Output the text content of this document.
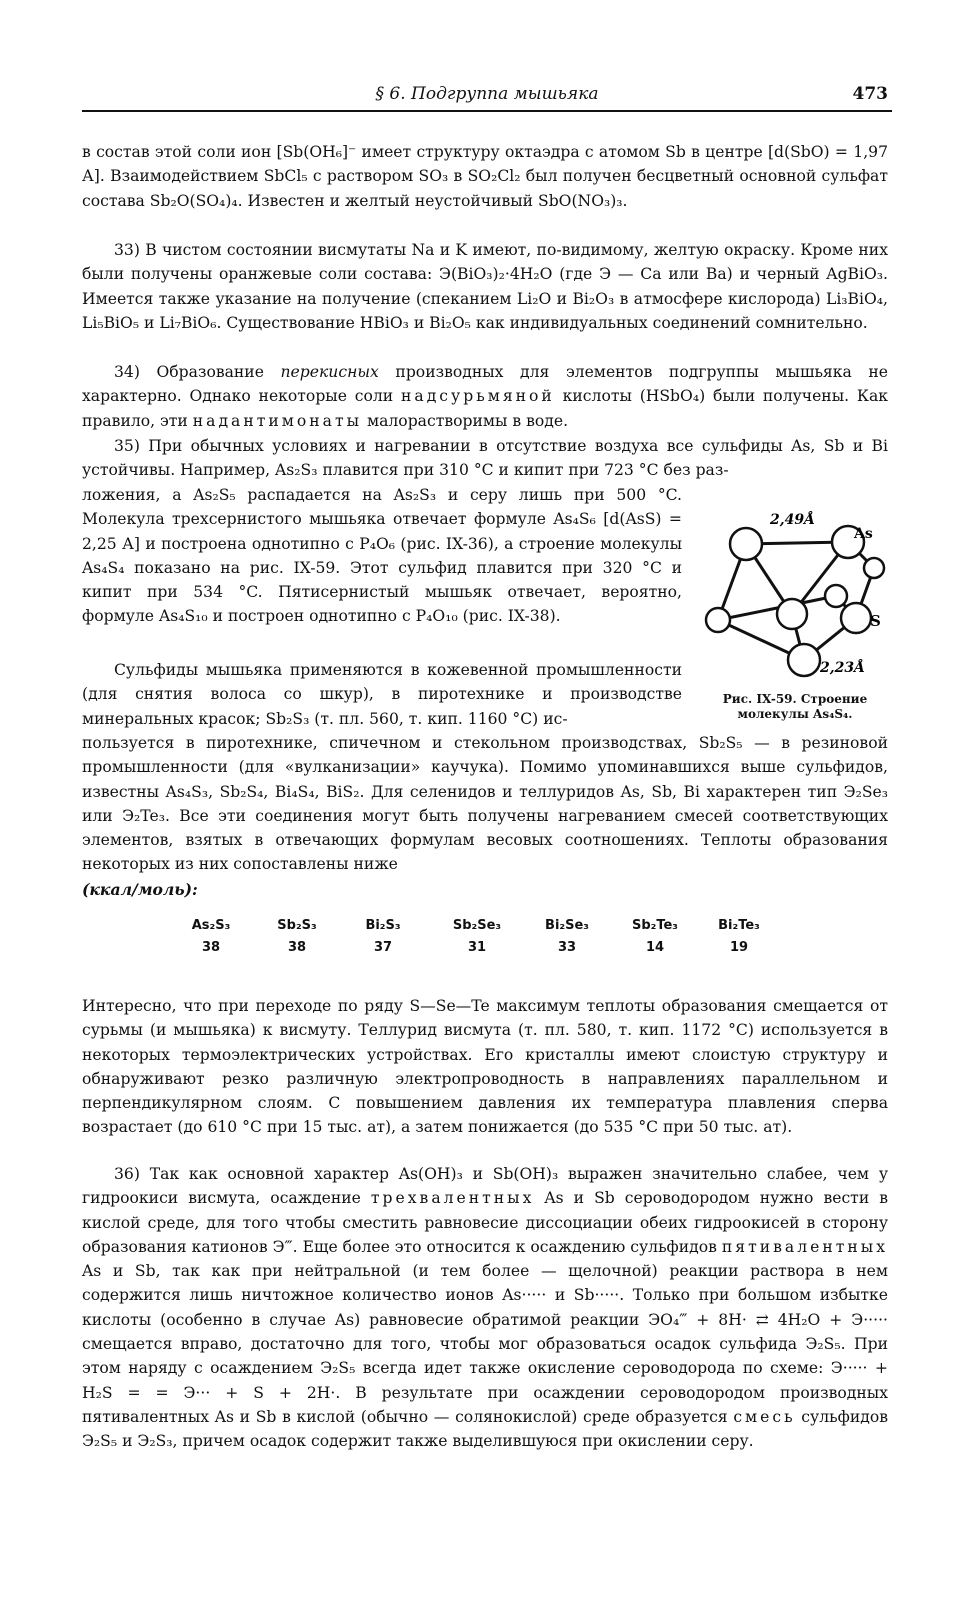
§ 6. Подгруппа мышьяка	473

в состав этой соли ион [Sb(OH₆]⁻ имеет структуру октаэдра с атомом Sb в центре [d(SbO) = 1,97 А]. Взаимодействием SbCl₅ с раствором SO₃ в SO₂Cl₂ был получен бесцветный основной сульфат состава Sb₂O(SO₄)₄. Известен и желтый неустойчивый SbO(NO₃)₃.

33) В чистом состоянии висмутаты Na и K имеют, по-видимому, желтую окраску. Кроме них были получены оранжевые соли состава: Э(BiO₃)₂·4H₂O (где Э — Ca или Ba) и черный AgBiO₃. Имеется также указание на получение (спеканием Li₂O и Bi₂O₃ в атмосфере кислорода) Li₃BiO₄, Li₅BiO₅ и Li₇BiO₆. Существование HBiO₃ и Bi₂O₅ как индивидуальных соединений сомнительно.

34) Образование перекисных производных для элементов подгруппы мышьяка не характерно. Однако некоторые соли надсурьмяной кислоты (HSbO₄) были получены. Как правило, эти надантимонаты малорастворимы в воде.

35) При обычных условиях и нагревании в отсутствие воздуха все сульфиды As, Sb и Bi устойчивы. Например, As₂S₃ плавится при 310 °C и кипит при 723 °C без раз-

ложения, а As₂S₅ распадается на As₂S₃ и серу лишь при 500 °C. Молекула трехсернистого мышьяка отвечает формуле As₄S₆ [d(AsS) = 2,25 А] и построена однотипно с P₄O₆ (рис. IX-36), а строение молекулы As₄S₄ показано на рис. IX-59. Этот сульфид плавится при 320 °C и кипит при 534 °C. Пятисернистый мышьяк отвечает, вероятно, формуле As₄S₁₀ и построен однотипно с P₄O₁₀ (рис. IX-38).

Сульфиды мышьяка применяются в кожевенной промышленности (для снятия волоса со шкур), в пиротехнике и производстве минеральных красок; Sb₂S₃ (т. пл. 560, т. кип. 1160 °C) ис-

пользуется в пиротехнике, спичечном и стекольном производствах, Sb₂S₅ — в резиновой промышленности (для «вулканизации» каучука). Помимо упоминавшихся выше сульфидов, известны As₄S₃, Sb₂S₄, Bi₄S₄, BiS₂. Для селенидов и теллуридов As, Sb, Bi характерен тип Э₂Se₃ или Э₂Te₃. Все эти соединения могут быть получены нагреванием смесей соответствующих элементов, взятых в отвечающих формулам весовых соотношениях. Теплоты образования некоторых из них сопоставлены ниже

(ккал/моль):

2,49Å
As
S
2,23Å
Рис. IX-59. Строение молекулы As₄S₄.
As₂S₃
38
Sb₂S₃
38
Bi₂S₃
37
Sb₂Se₃
31
Bi₂Se₃
33
Sb₂Te₃
14
Bi₂Te₃
19

Интересно, что при переходе по ряду S—Se—Te максимум теплоты образования смещается от сурьмы (и мышьяка) к висмуту. Теллурид висмута (т. пл. 580, т. кип. 1172 °C) используется в некоторых термоэлектрических устройствах. Его кристаллы имеют слоистую структуру и обнаруживают резко различную электропроводность в направлениях параллельном и перпендикулярном слоям. С повышением давления их температура плавления сперва возрастает (до 610 °C при 15 тыс. ат), а затем понижается (до 535 °C при 50 тыс. ат).

36) Так как основной характер As(OH)₃ и Sb(OH)₃ выражен значительно слабее, чем у гидроокиси висмута, осаждение трехвалентных As и Sb сероводородом нужно вести в кислой среде, для того чтобы сместить равновесие диссоциации обеих гидроокисей в сторону образования катионов Э‴. Еще более это относится к осаждению сульфидов пятивалентных As и Sb, так как при нейтральной (и тем более — щелочной) реакции раствора в нем содержится лишь ничтожное количество ионов As····· и Sb·····. Только при большом избытке кислоты (особенно в случае As) равновесие обратимой реакции ЭO₄‴ + 8H· ⇄ 4H₂O + Э····· смещается вправо, достаточно для того, чтобы мог образоваться осадок сульфида Э₂S₅. При этом наряду с осаждением Э₂S₅ всегда идет также окисление сероводорода по схеме: Э····· + H₂S = = Э··· + S + 2H·. В результате при осаждении сероводородом производных пятивалентных As и Sb в кислой (обычно — солянокислой) среде образуется смесь сульфидов Э₂S₅ и Э₂S₃, причем осадок содержит также выделившуюся при окислении серу.
